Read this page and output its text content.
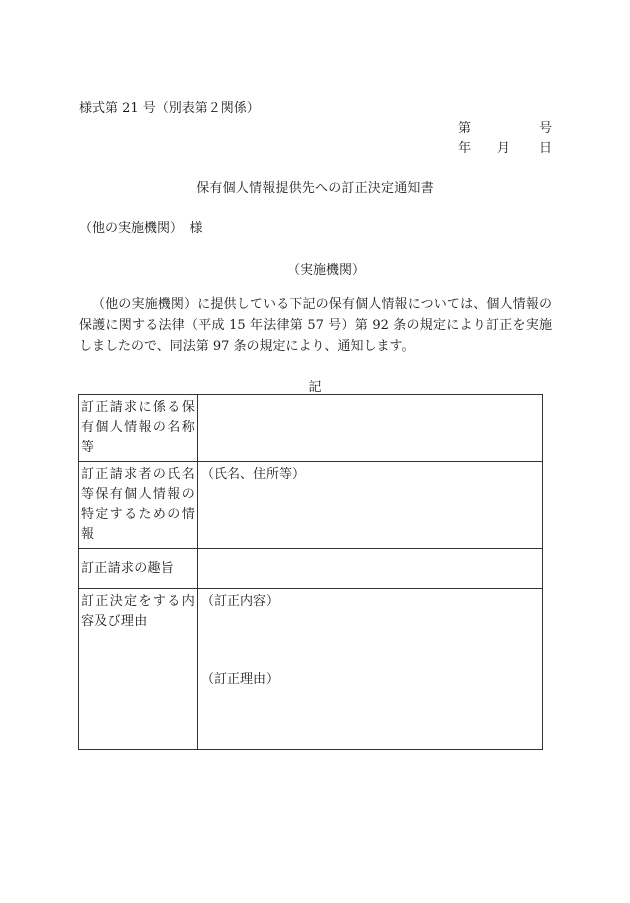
様式第 21 号（別表第２関係）
第	号
年 月 日
保有個人情報提供先への訂正決定通知書
（他の実施機関）　様
（実施機関）

（他の実施機関）に提供している下記の保有個人情報については、個人情報の保護に関する法律（平成 15 年法律第 57 号）第 92 条の規定により訂正を実施しましたので、同法第 97 条の規定により、通知します。

記
訂正請求に係る保有個人情報の名称等	
訂正請求者の氏名等保有個人情報の特定するための情報	（氏名、住所等）
訂正請求の趣旨	
訂正決定をする内容及び理由	（訂正内容）
（訂正理由）
